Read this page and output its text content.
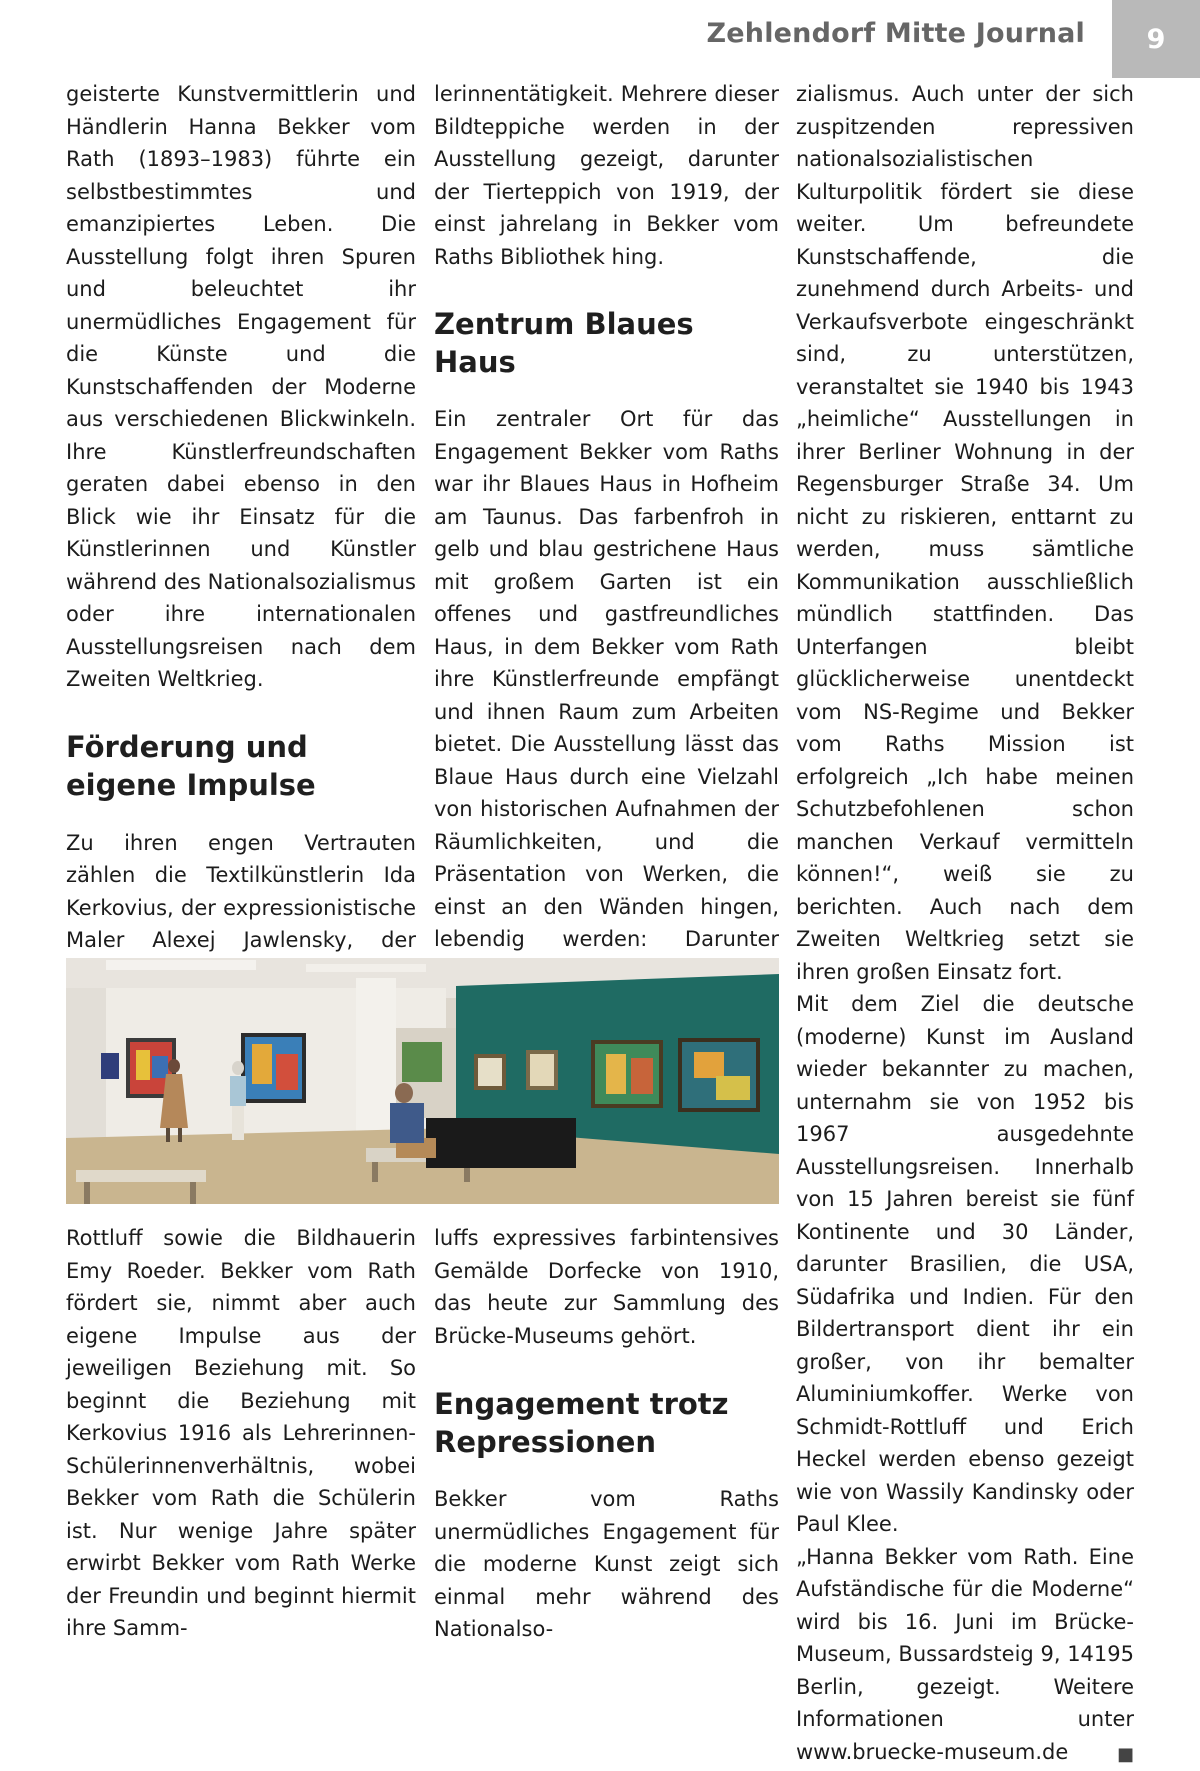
Zehlendorf Mitte Journal 9

geisterte Kunstvermittlerin und Händlerin Hanna Bekker vom Rath (1893–1983) führte ein selbstbestimmtes und emanzipiertes Leben. Die Ausstellung folgt ihren Spuren und beleuchtet ihr unermüdliches Engagement für die Künste und die Kunstschaffenden der Moderne aus verschiedenen Blickwinkeln. Ihre Künstlerfreundschaften geraten dabei ebenso in den Blick wie ihr Einsatz für die Künstlerinnen und Künstler während des Nationalsozialismus oder ihre internationalen Ausstellungsreisen nach dem Zweiten Weltkrieg.

Förderung und eigene Impulse

Zu ihren engen Vertrauten zählen die Textilkünstlerin Ida Kerkovius, der expressionistische Maler Alexej Jawlensky, der

lerinnentätigkeit. Mehrere dieser Bildteppiche werden in der Ausstellung gezeigt, darunter der Tierteppich von 1919, der einst jahrelang in Bekker vom Raths Bibliothek hing.

Zentrum Blaues Haus

Ein zentraler Ort für das Engagement Bekker vom Raths war ihr Blaues Haus in Hofheim am Taunus. Das farbenfroh in gelb und blau gestrichene Haus mit großem Garten ist ein offenes und gastfreundliches Haus, in dem Bekker vom Rath ihre Künstlerfreunde empfängt und ihnen Raum zum Arbeiten bietet. Die Ausstellung lässt das Blaue Haus durch eine Vielzahl von historischen Aufnahmen der Räumlichkeiten, und die Präsentation von Werken, die einst an den Wänden hingen, lebendig werden: Darunter

Rottluff sowie die Bildhauerin Emy Roeder. Bekker vom Rath fördert sie, nimmt aber auch eigene Impulse aus der jeweiligen Beziehung mit. So beginnt die Beziehung mit Kerkovius 1916 als Lehrerinnen-Schülerinnenverhältnis, wobei Bekker vom Rath die Schülerin ist. Nur wenige Jahre später erwirbt Bekker vom Rath Werke der Freundin und beginnt hiermit ihre Samm-

luffs expressives farbintensives Gemälde Dorfecke von 1910, das heute zur Sammlung des Brücke-Museums gehört.

Engagement trotz Repressionen

Bekker vom Raths unermüdliches Engagement für die moderne Kunst zeigt sich einmal mehr während des Nationalso-

zialismus. Auch unter der sich zuspitzenden repressiven nationalsozialistischen Kulturpolitik fördert sie diese weiter. Um befreundete Kunstschaffende, die zunehmend durch Arbeits- und Verkaufsverbote eingeschränkt sind, zu unterstützen, veranstaltet sie 1940 bis 1943 „heimliche“ Ausstellungen in ihrer Berliner Wohnung in der Regensburger Straße 34. Um nicht zu riskieren, enttarnt zu werden, muss sämtliche Kommunikation ausschließlich mündlich stattfinden. Das Unterfangen bleibt glücklicherweise unentdeckt vom NS-Regime und Bekker vom Raths Mission ist erfolgreich „Ich habe meinen Schutzbefohlenen schon manchen Verkauf vermitteln können!“, weiß sie zu berichten. Auch nach dem Zweiten Weltkrieg setzt sie ihren großen Einsatz fort.

Mit dem Ziel die deutsche (moderne) Kunst im Ausland wieder bekannter zu machen, unternahm sie von 1952 bis 1967 ausgedehnte Ausstellungsreisen. Innerhalb von 15 Jahren bereist sie fünf Kontinente und 30 Länder, darunter Brasilien, die USA, Südafrika und Indien. Für den Bildertransport dient ihr ein großer, von ihr bemalter Aluminiumkoffer. Werke von Schmidt-Rottluff und Erich Heckel werden ebenso gezeigt wie von Wassily Kandinsky oder Paul Klee.

„Hanna Bekker vom Rath. Eine Aufständische für die Moderne“ wird bis 16. Juni im Brücke-Museum, Bussardsteig 9, 14195 Berlin, gezeigt. Weitere Informationen unter www.bruecke-museum.de	■
